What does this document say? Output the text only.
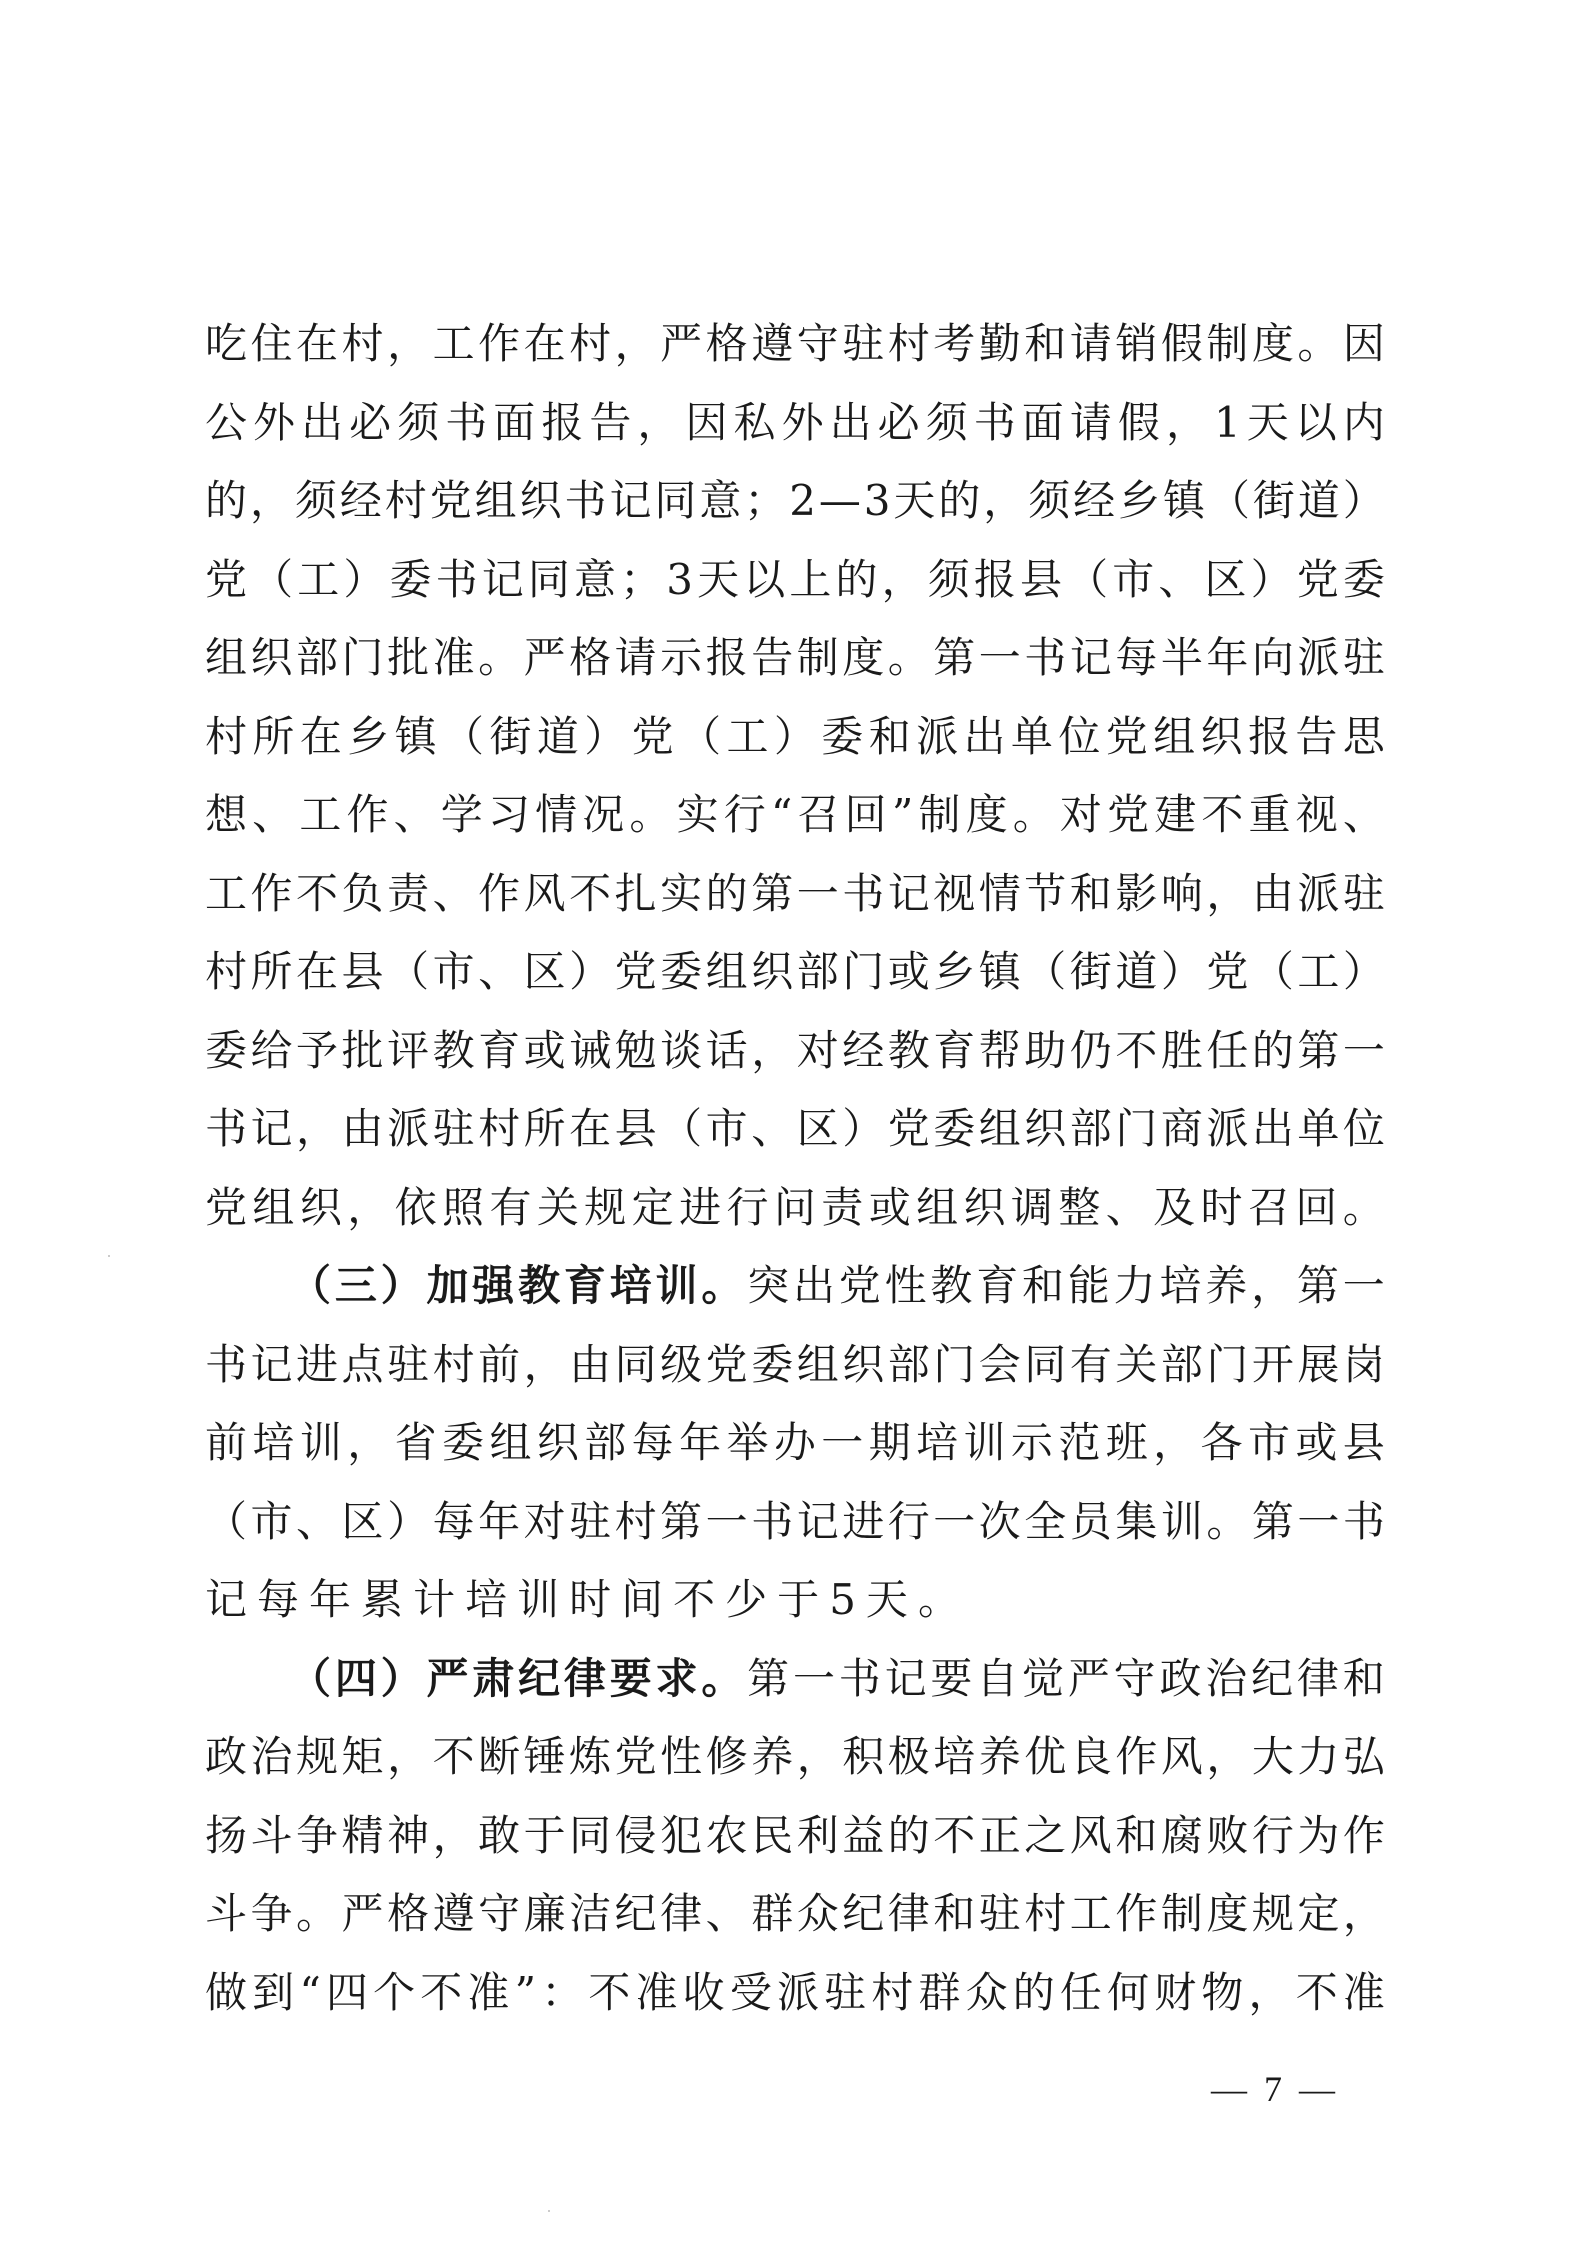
吃 住 在 村 ， 工 作 在 村 ， 严 格 遵 守 驻 村 考 勤 和 请 销 假 制 度 。 因
公 外 出 必 须 书 面 报 告 ， 因 私 外 出 必 须 书 面 请 假 ， 1 天 以 内
的 ， 须 经 村 党 组 织 书 记 同 意 ； 2 — 3 天 的 ， 须 经 乡 镇 （ 街 道 ）
党 （ 工 ） 委 书 记 同 意 ； 3 天 以 上 的 ， 须 报 县 （ 市 、 区 ） 党 委
组 织 部 门 批 准 。 严 格 请 示 报 告 制 度 。 第 一 书 记 每 半 年 向 派 驻
村 所 在 乡 镇 （ 街 道 ） 党 （ 工 ） 委 和 派 出 单 位 党 组 织 报 告 思
想 、 工 作 、 学 习 情 况 。 实 行 “ 召 回 ” 制 度 。 对 党 建 不 重 视 、
工 作 不 负 责 、 作 风 不 扎 实 的 第 一 书 记 视 情 节 和 影 响 ， 由 派 驻
村 所 在 县 （ 市 、 区 ） 党 委 组 织 部 门 或 乡 镇 （ 街 道 ） 党 （ 工 ）
委 给 予 批 评 教 育 或 诫 勉 谈 话 ， 对 经 教 育 帮 助 仍 不 胜 任 的 第 一
书 记 ， 由 派 驻 村 所 在 县 （ 市 、 区 ） 党 委 组 织 部 门 商 派 出 单 位
党 组 织 ， 依 照 有 关 规 定 进 行 问 责 或 组 织 调 整 、 及 时 召 回 。
（ 三 ） 加 强 教 育 培 训 。 突 出 党 性 教 育 和 能 力 培 养 ， 第 一
书 记 进 点 驻 村 前 ， 由 同 级 党 委 组 织 部 门 会 同 有 关 部 门 开 展 岗
前 培 训 ， 省 委 组 织 部 每 年 举 办 一 期 培 训 示 范 班 ， 各 市 或 县
（ 市 、 区 ） 每 年 对 驻 村 第 一 书 记 进 行 一 次 全 员 集 训 。 第 一 书
记 每 年 累 计 培 训 时 间 不 少 于 5 天 。
（ 四 ） 严 肃 纪 律 要 求 。 第 一 书 记 要 自 觉 严 守 政 治 纪 律 和
政 治 规 矩 ， 不 断 锤 炼 党 性 修 养 ， 积 极 培 养 优 良 作 风 ， 大 力 弘
扬 斗 争 精 神 ， 敢 于 同 侵 犯 农 民 利 益 的 不 正 之 风 和 腐 败 行 为 作
斗 争 。 严 格 遵 守 廉 洁 纪 律 、 群 众 纪 律 和 驻 村 工 作 制 度 规 定 ，
做 到 “ 四 个 不 准 ” ： 不 准 收 受 派 驻 村 群 众 的 任 何 财 物 ， 不 准
— 7 —
